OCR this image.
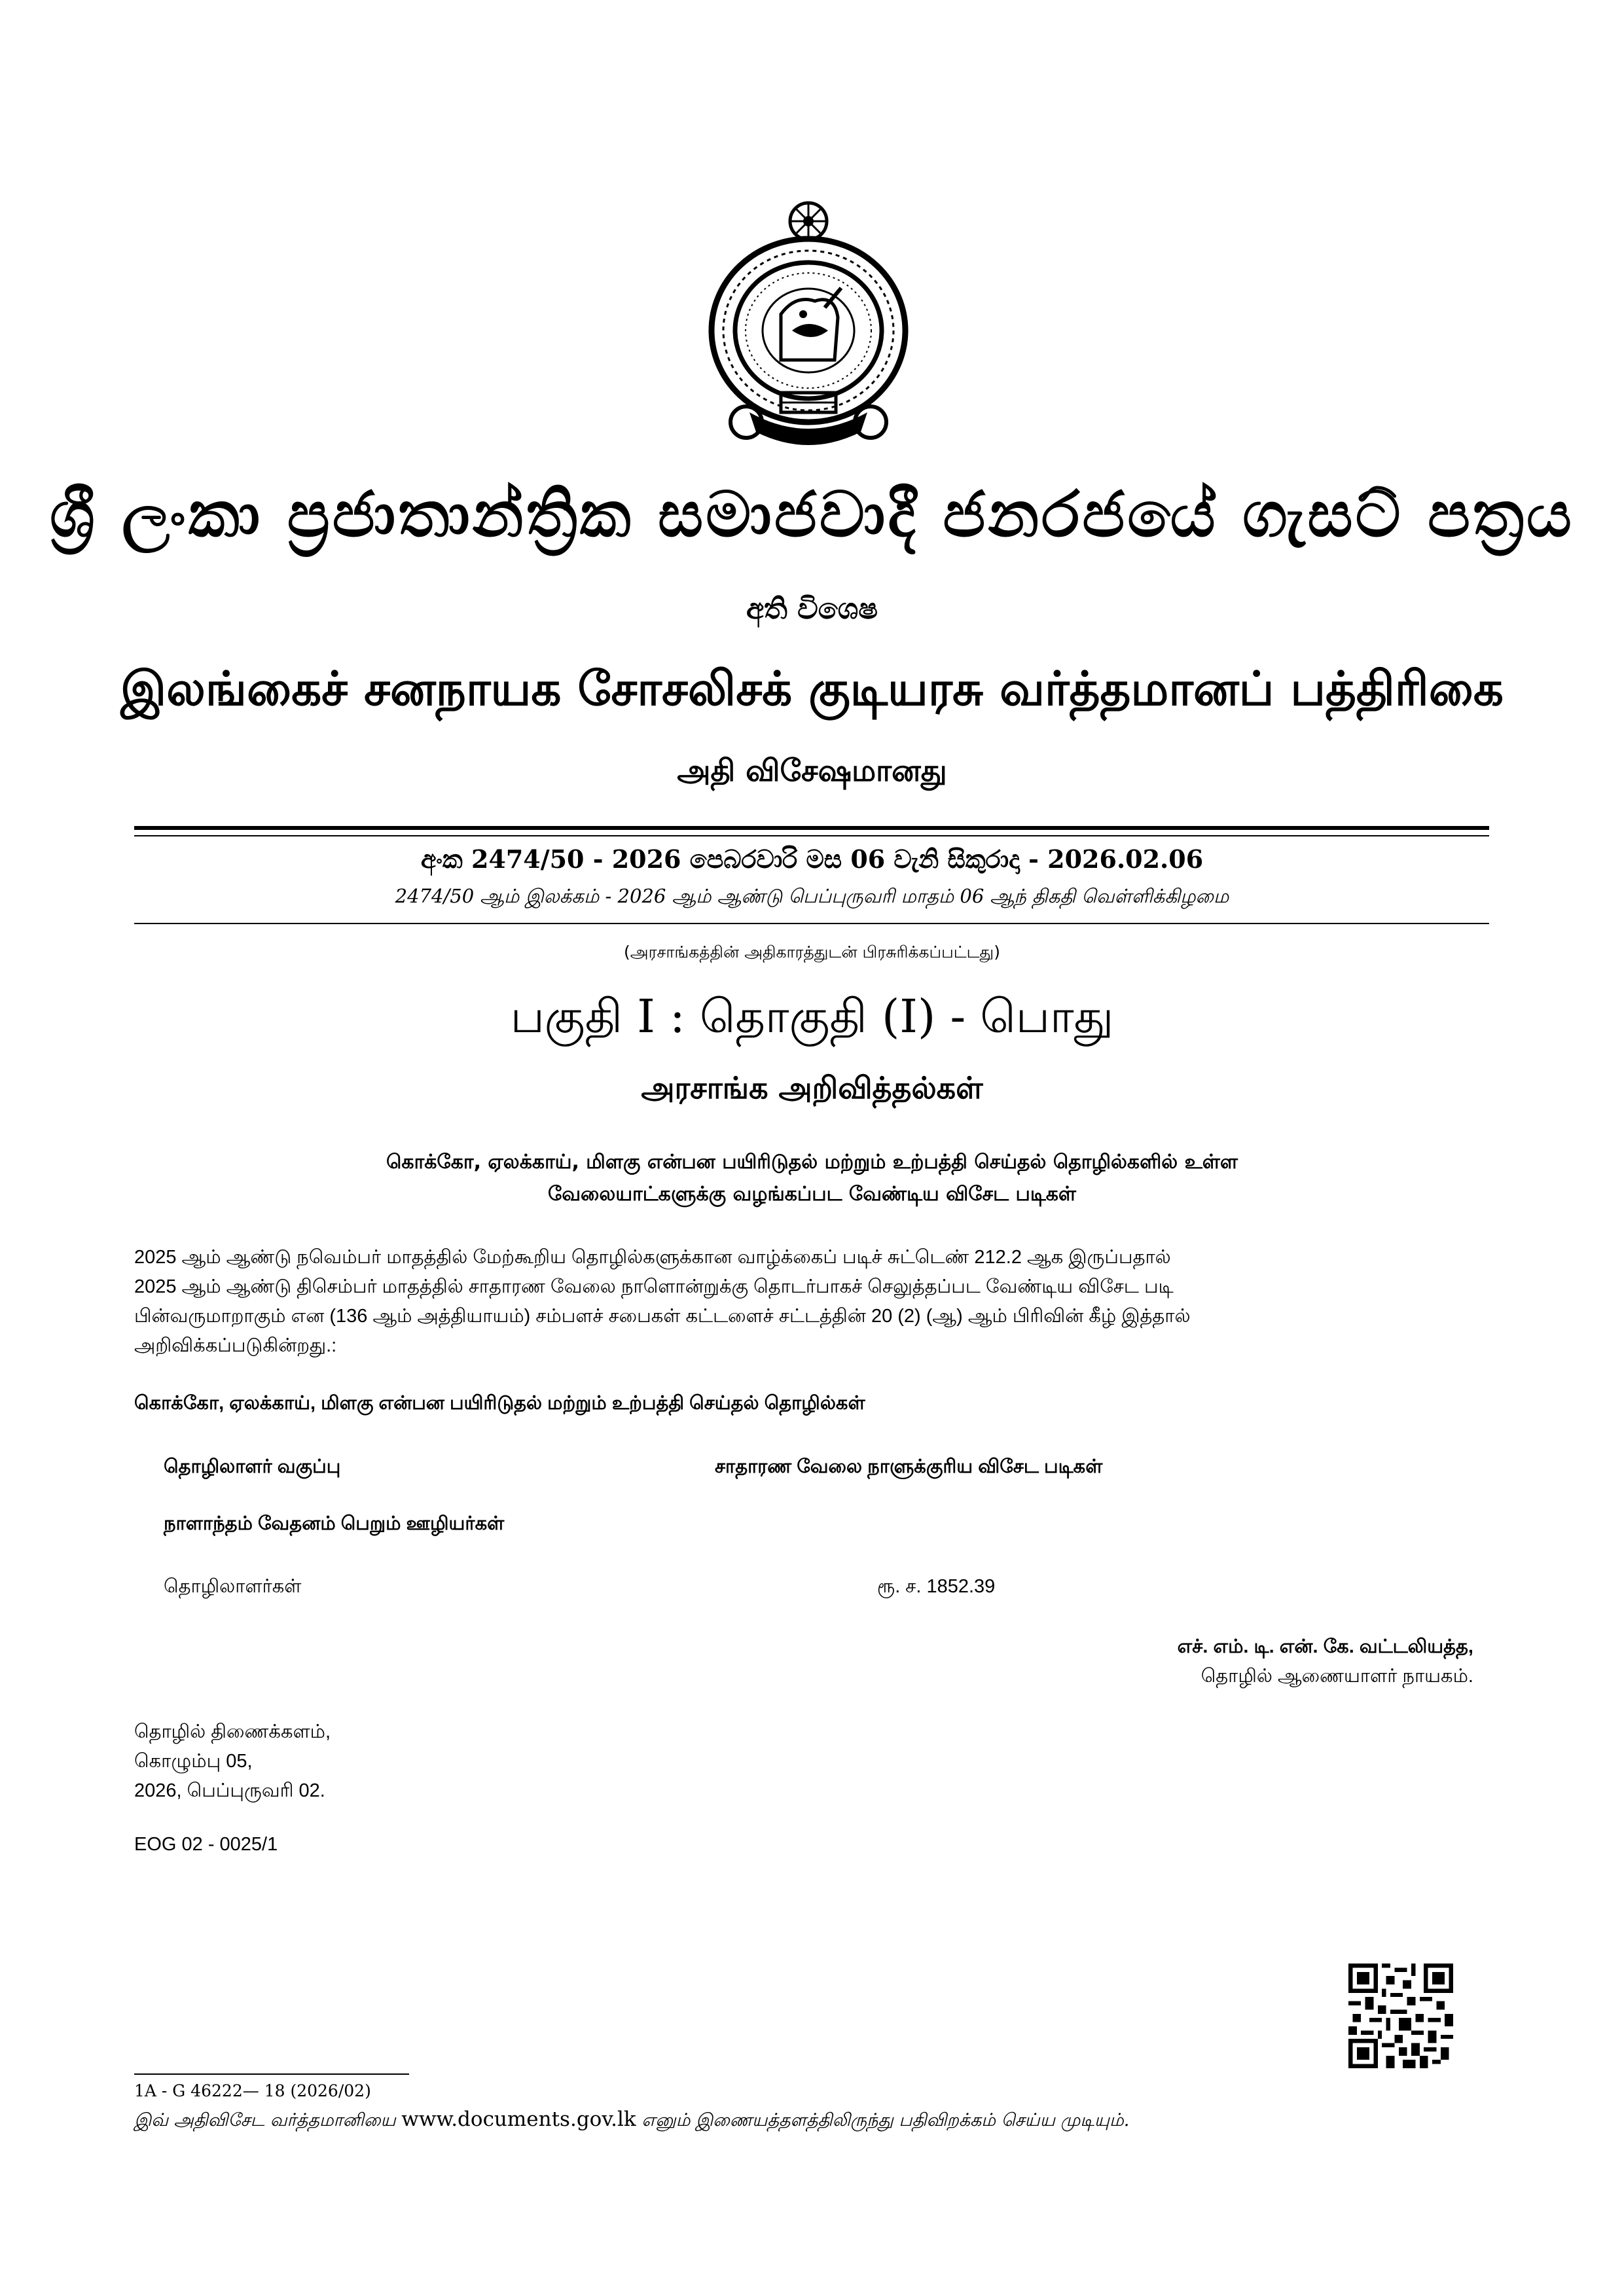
ශ්‍රී ලංකා ප්‍රජාතාන්ත්‍රික සමාජවාදී ජනරජයේ ගැසට් පත්‍රය
අති විශෙෂ
இலங்கைச் சனநாயக சோசலிசக் குடியரசு வர்த்தமானப் பத்திரிகை
அதி விசேஷமானது
අංක 2474/50 - 2026 පෙබරවාරි මස 06 වැනි සිකුරාදා - 2026.02.06
2474/50 ஆம் இலக்கம் - 2026 ஆம் ஆண்டு பெப்புருவரி மாதம் 06 ஆந் திகதி வெள்ளிக்கிழமை
(அரசாங்கத்தின் அதிகாரத்துடன் பிரசுரிக்கப்பட்டது)
பகுதி I : தொகுதி (I) - பொது
அரசாங்க அறிவித்தல்கள்
கொக்கோ, ஏலக்காய், மிளகு என்பன பயிரிடுதல் மற்றும் உற்பத்தி செய்தல் தொழில்களில் உள்ள
வேலையாட்களுக்கு வழங்கப்பட வேண்டிய விசேட படிகள்
2025 ஆம் ஆண்டு நவெம்பர் மாதத்தில் மேற்கூறிய தொழில்களுக்கான வாழ்க்கைப் படிச் சுட்டெண் 212.2 ஆக இருப்பதால்
2025 ஆம் ஆண்டு திசெம்பர் மாதத்தில் சாதாரண வேலை நாளொன்றுக்கு தொடர்பாகச் செலுத்தப்பட வேண்டிய விசேட படி
பின்வருமாறாகும் என (136 ஆம் அத்தியாயம்) சம்பளச் சபைகள் கட்டளைச் சட்டத்தின் 20 (2) (ஆ) ஆம் பிரிவின் கீழ் இத்தால்
அறிவிக்கப்படுகின்றது.:
கொக்கோ, ஏலக்காய், மிளகு என்பன பயிரிடுதல் மற்றும் உற்பத்தி செய்தல் தொழில்கள்
தொழிலாளர் வகுப்பு	சாதாரண வேலை நாளுக்குரிய விசேட படிகள்
நாளாந்தம் வேதனம் பெறும் ஊழியர்கள்
தொழிலாளர்கள்	ரூ. ச. 1852.39
எச். எம். டி. என். கே. வட்டலியத்த,
தொழில் ஆணையாளர் நாயகம்.
தொழில் திணைக்களம்,
கொழும்பு 05,
2026, பெப்புருவரி 02.
EOG 02 - 0025/1
1A - G 46222— 18 (2026/02)
இவ் அதிவிசேட வர்த்தமானியை www.documents.gov.lk எனும் இணையத்தளத்திலிருந்து பதிவிறக்கம் செய்ய முடியும்.
